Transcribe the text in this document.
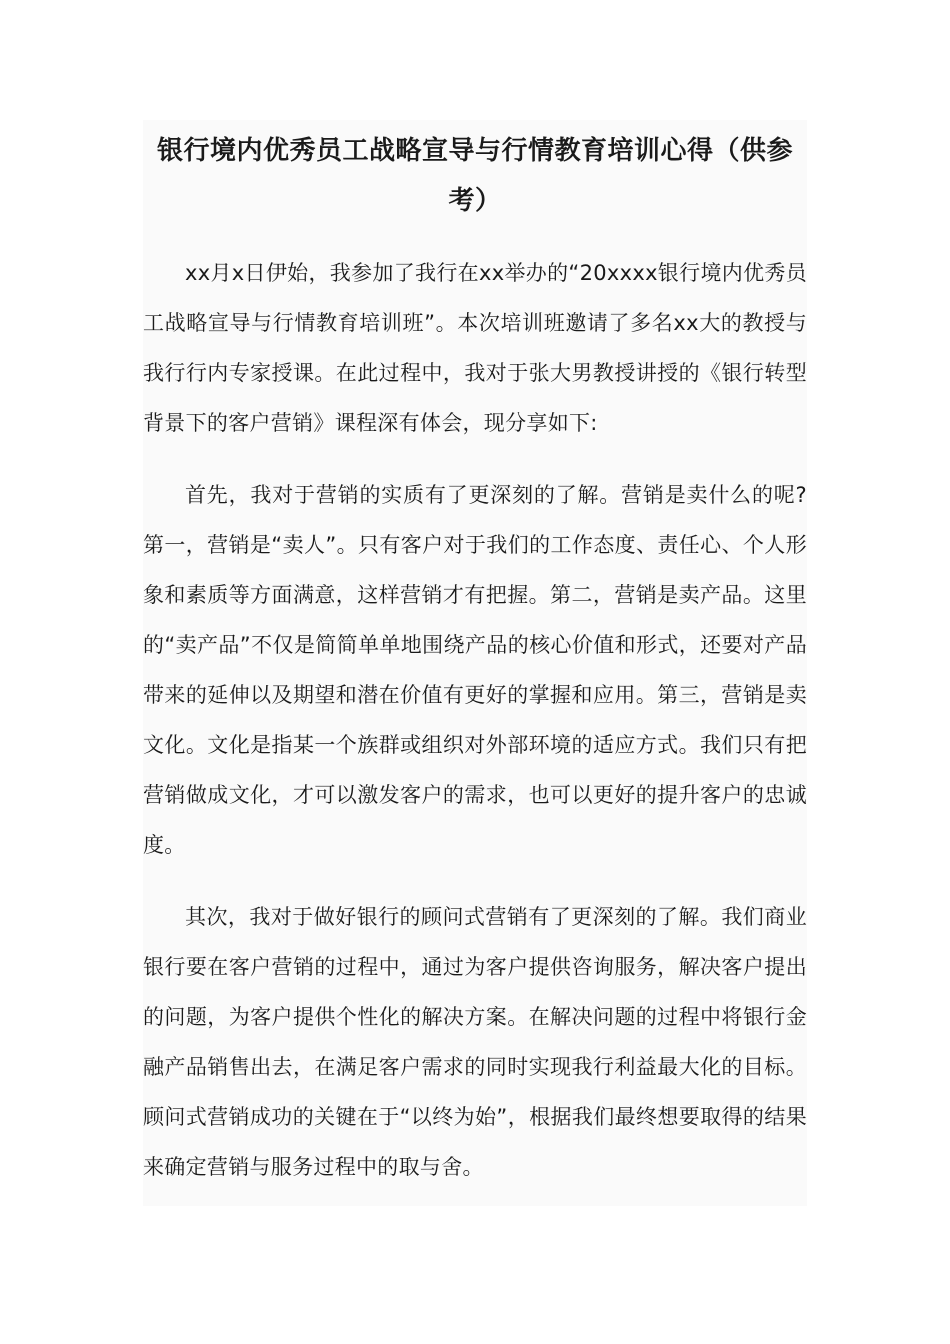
银行境内优秀员工战略宣导与行情教育培训心得（供参考）

xx月x日伊始，我参加了我行在xx举办的“20xxxx银行境内优秀员工战略宣导与行情教育培训班”。本次培训班邀请了多名xx大的教授与我行行内专家授课。在此过程中，我对于张大男教授讲授的《银行转型背景下的客户营销》课程深有体会，现分享如下:

首先，我对于营销的实质有了更深刻的了解。营销是卖什么的呢?第一，营销是“卖人”。只有客户对于我们的工作态度、责任心、个人形象和素质等方面满意，这样营销才有把握。第二，营销是卖产品。这里的“卖产品”不仅是简简单单地围绕产品的核心价值和形式，还要对产品带来的延伸以及期望和潜在价值有更好的掌握和应用。第三，营销是卖文化。文化是指某一个族群或组织对外部环境的适应方式。我们只有把营销做成文化，才可以激发客户的需求，也可以更好的提升客户的忠诚度。

其次，我对于做好银行的顾问式营销有了更深刻的了解。我们商业银行要在客户营销的过程中，通过为客户提供咨询服务，解决客户提出的问题，为客户提供个性化的解决方案。在解决问题的过程中将银行金融产品销售出去，在满足客户需求的同时实现我行利益最大化的目标。顾问式营销成功的关键在于“以终为始”，根据我们最终想要取得的结果来确定营销与服务过程中的取与舍。
